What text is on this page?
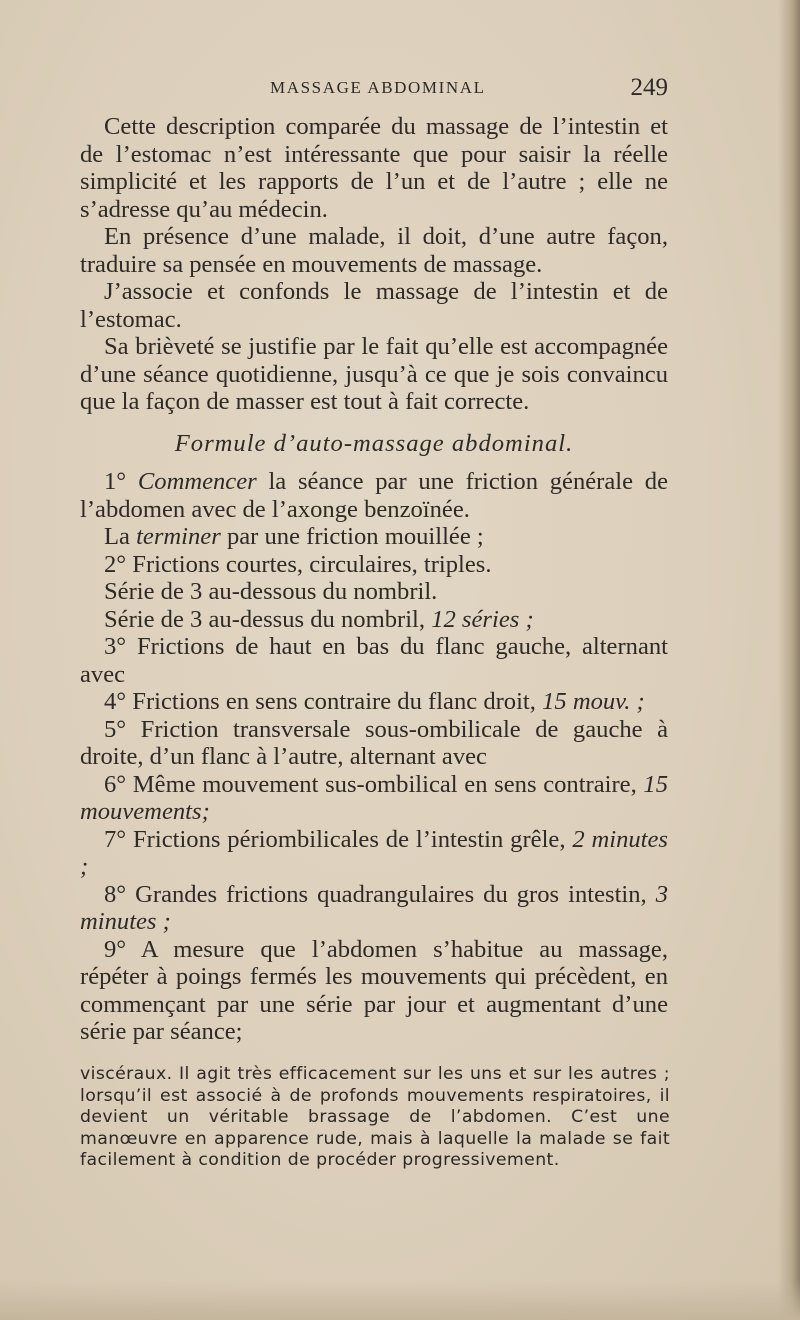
MASSAGE ABDOMINAL	249

Cette description comparée du massage de l’intestin et de l’estomac n’est intéressante que pour saisir la réelle simplicité et les rapports de l’un et de l’autre ; elle ne s’adresse qu’au médecin.

En présence d’une malade, il doit, d’une autre façon, traduire sa pensée en mouvements de massage.

J’associe et confonds le massage de l’intestin et de l’estomac.

Sa brièveté se justifie par le fait qu’elle est accompagnée d’une séance quotidienne, jusqu’à ce que je sois convaincu que la façon de masser est tout à fait correcte.

Formule d’auto-massage abdominal.

1° Commencer la séance par une friction générale de l’abdomen avec de l’axonge benzoïnée.

La terminer par une friction mouillée ;

2° Frictions courtes, circulaires, triples.

Série de 3 au-dessous du nombril.

Série de 3 au-dessus du nombril, 12 séries ;

3° Frictions de haut en bas du flanc gauche, alternant avec

4° Frictions en sens contraire du flanc droit, 15 mouv. ;

5° Friction transversale sous-ombilicale de gauche à droite, d’un flanc à l’autre, alternant avec

6° Même mouvement sus-ombilical en sens contraire, 15 mouvements;

7° Frictions périombilicales de l’intestin grêle, 2 minutes ;

8° Grandes frictions quadrangulaires du gros intestin, 3 minutes ;

9° A mesure que l’abdomen s’habitue au massage, répéter à poings fermés les mouvements qui précèdent, en commençant par une série par jour et augmentant d’une série par séance;

viscéraux. Il agit très efficacement sur les uns et sur les autres ; lorsqu’il est associé à de profonds mouvements respiratoires, il devient un véritable brassage de l’abdomen. C’est une manœuvre en apparence rude, mais à laquelle la malade se fait facilement à condition de procéder progressivement.
